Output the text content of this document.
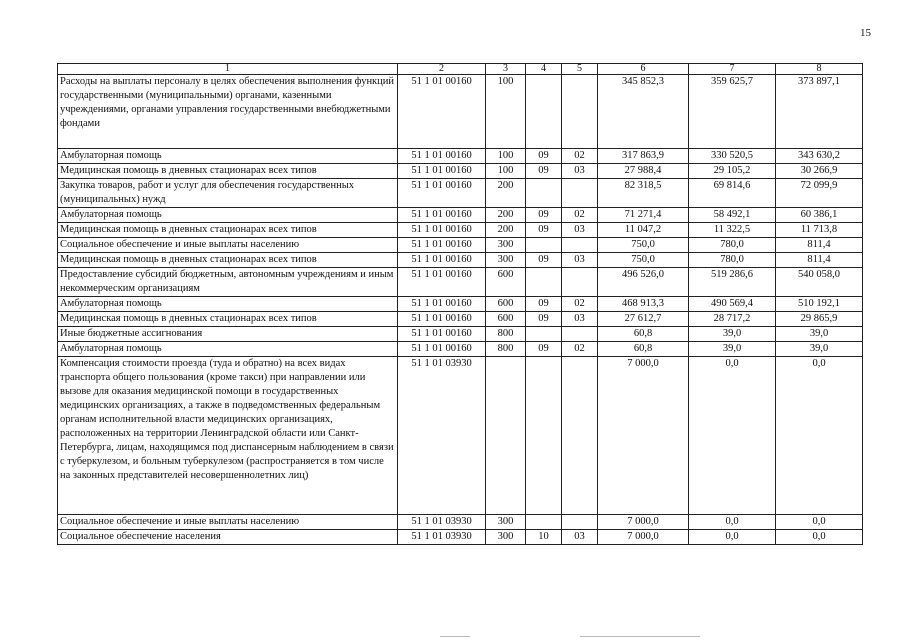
15
1	2	3	4	5	6	7	8
Расходы на выплаты персоналу в целях обеспечения выполнения функций государственными (муниципальными) органами, казенными учреждениями, органами управления государственными внебюджетными фондами	51 1 01 00160	100			345 852,3	359 625,7	373 897,1
Амбулаторная помощь	51 1 01 00160	100	09	02	317 863,9	330 520,5	343 630,2
Медицинская помощь в дневных стационарах всех типов	51 1 01 00160	100	09	03	27 988,4	29 105,2	30 266,9
Закупка товаров, работ и услуг для обеспечения государственных (муниципальных) нужд	51 1 01 00160	200			82 318,5	69 814,6	72 099,9
Амбулаторная помощь	51 1 01 00160	200	09	02	71 271,4	58 492,1	60 386,1
Медицинская помощь в дневных стационарах всех типов	51 1 01 00160	200	09	03	11 047,2	11 322,5	11 713,8
Социальное обеспечение и иные выплаты населению	51 1 01 00160	300			750,0	780,0	811,4
Медицинская помощь в дневных стационарах всех типов	51 1 01 00160	300	09	03	750,0	780,0	811,4
Предоставление субсидий бюджетным, автономным учреждениям и иным некоммерческим организациям	51 1 01 00160	600			496 526,0	519 286,6	540 058,0
Амбулаторная помощь	51 1 01 00160	600	09	02	468 913,3	490 569,4	510 192,1
Медицинская помощь в дневных стационарах всех типов	51 1 01 00160	600	09	03	27 612,7	28 717,2	29 865,9
Иные бюджетные ассигнования	51 1 01 00160	800			60,8	39,0	39,0
Амбулаторная помощь	51 1 01 00160	800	09	02	60,8	39,0	39,0
Компенсация стоимости проезда (туда и обратно) на всех видах транспорта общего пользования (кроме такси) при направлении или вызове для оказания медицинской помощи в государственных медицинских организациях, а также в подведомственных федеральным органам исполнительной власти медицинских организациях, расположенных на территории Ленинградской области или Санкт-Петербурга, лицам, находящимся под диспансерным наблюдением в связи с туберкулезом, и больным туберкулезом (распространяется в том числе на законных представителей несовершеннолетних лиц)	51 1 01 03930				7 000,0	0,0	0,0
Социальное обеспечение и иные выплаты населению	51 1 01 03930	300			7 000,0	0,0	0,0
Социальное обеспечение населения	51 1 01 03930	300	10	03	7 000,0	0,0	0,0
